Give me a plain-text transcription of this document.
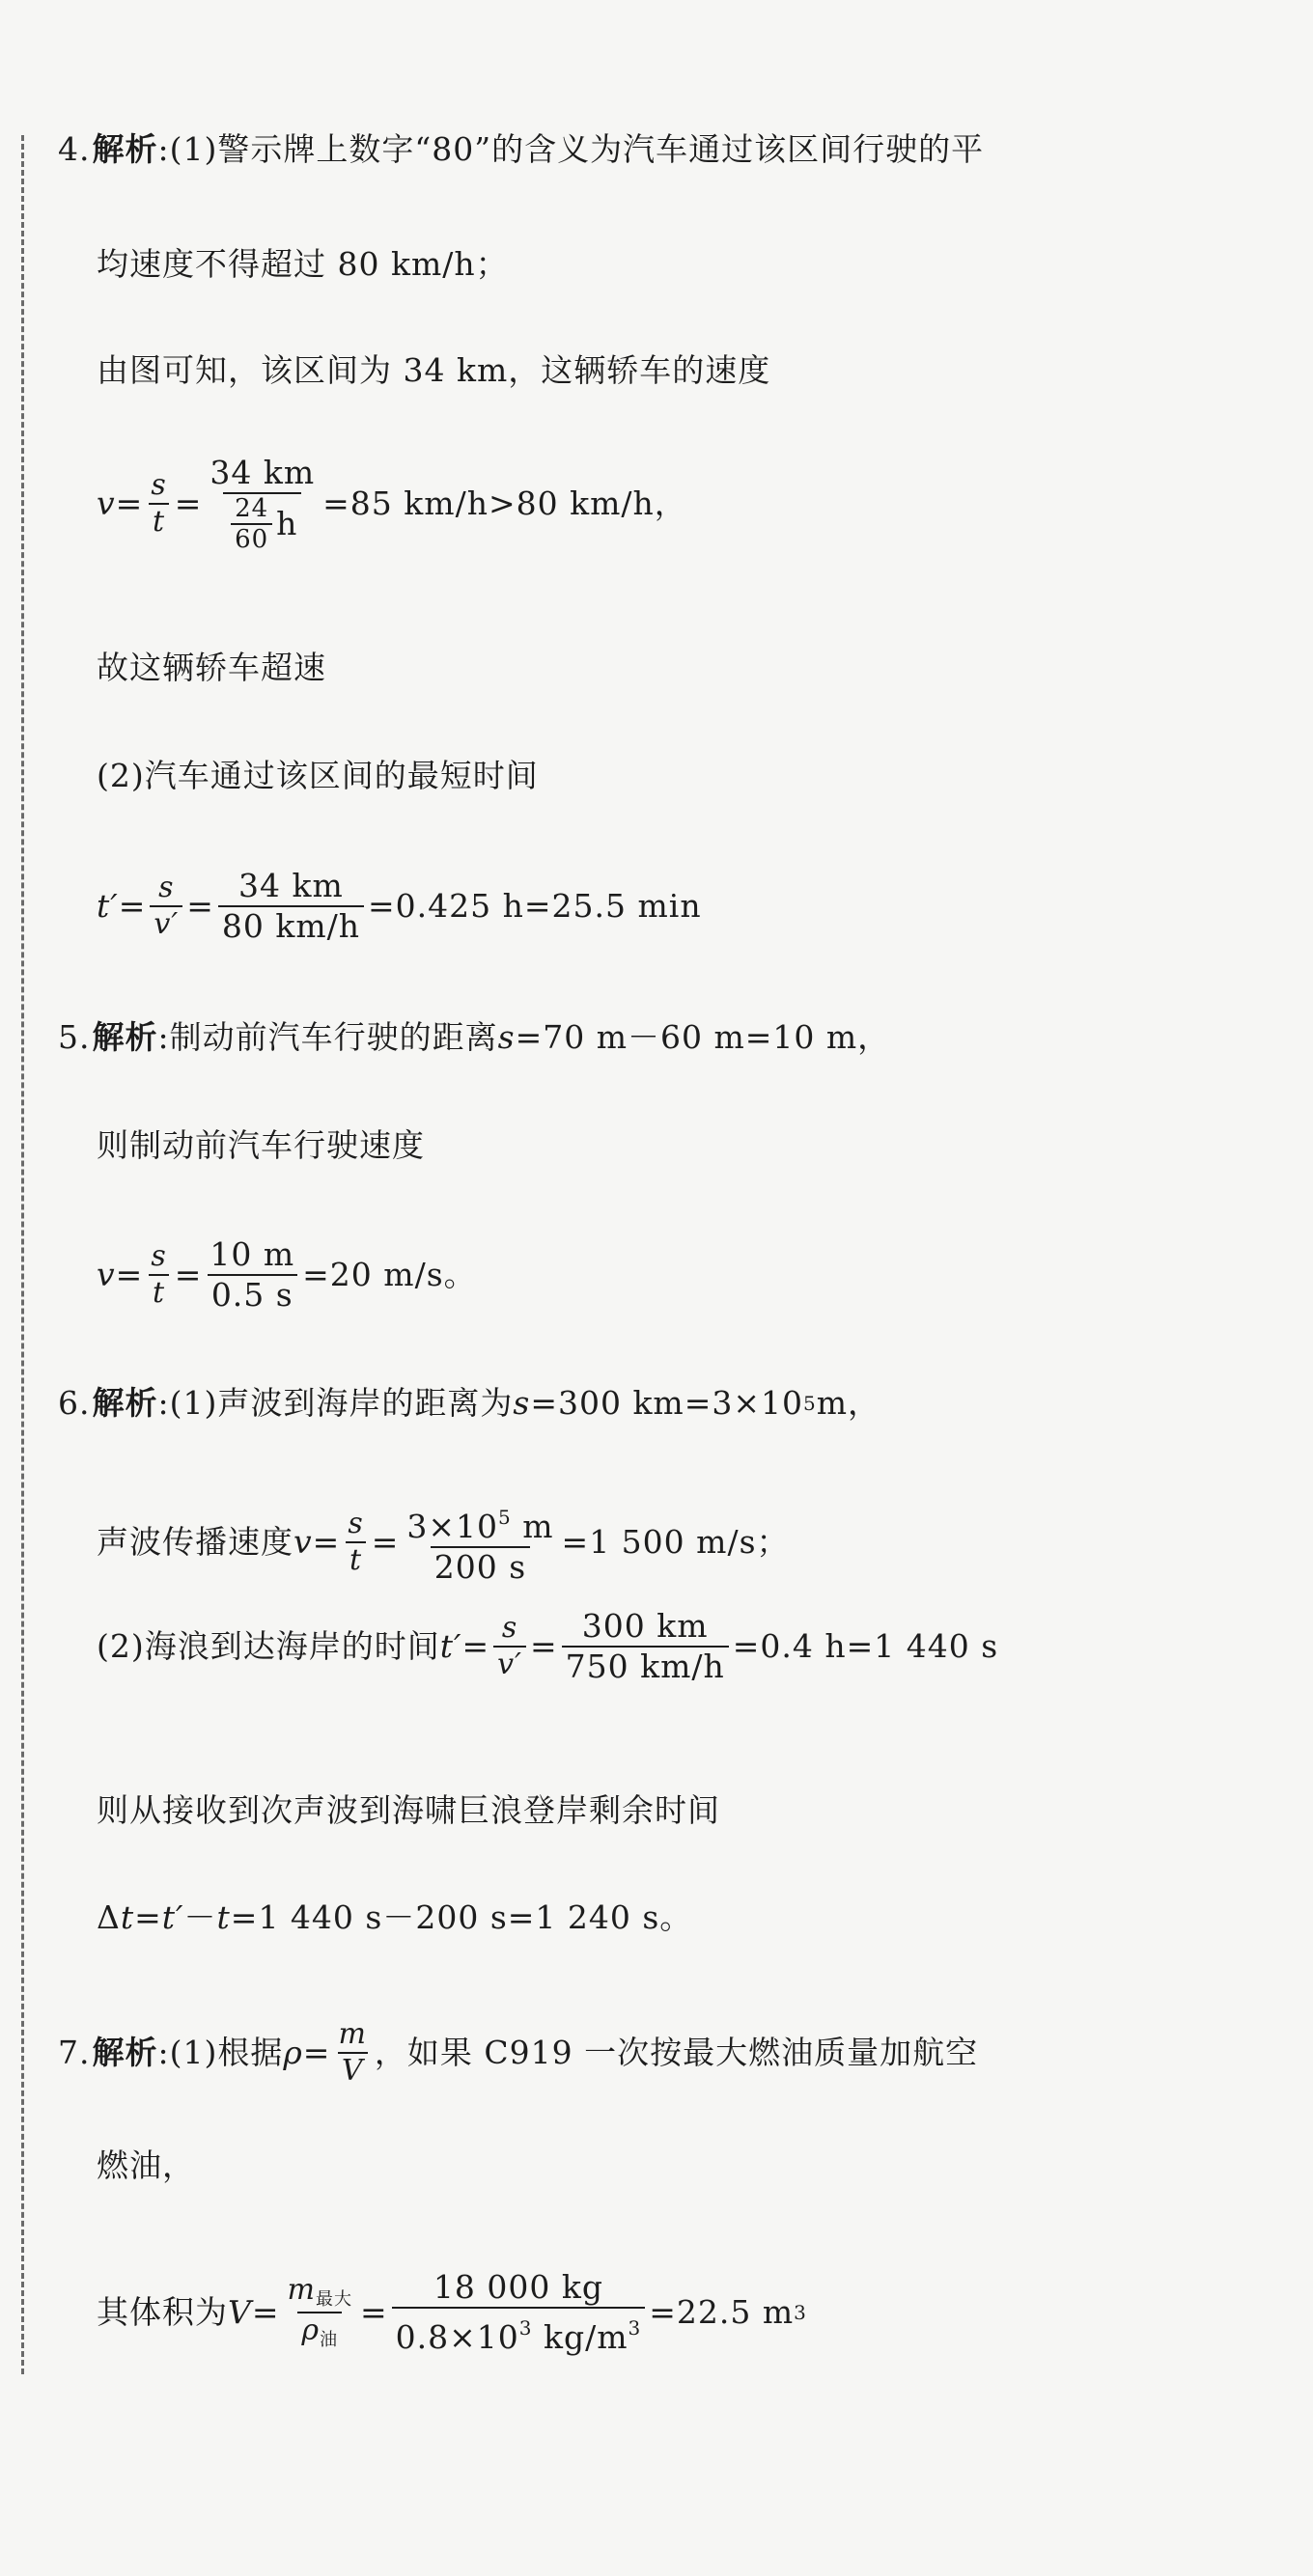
4. 解析 :(1)警示牌上数字“80”的含义为汽车通过该区间行驶的平
均速度不得超过 80 km/h；
由图可知，该区间为 34 km，这辆轿车的速度
$v = \frac{s}{t} = \frac{34 km}{\frac{24}{60} h} =85$ km/h>80 km/h，
故这辆轿车超速
(2)汽车通过该区间的最短时间
$t' = \frac{s}{v'} = \frac{34 km}{80 km/h} =0.425$ h=25.5 min
5. 解析 :制动前汽车行驶的距离 s =70 m－60 m=10 m，
则制动前汽车行驶速度
$v = \frac{s}{t} = \frac{10 m}{0.5 s} =20$ m/s。
6. 解析 :(1)声波到海岸的距离为 s =300 km=3×10 5 m，
声波传播速度 $v = \frac{s}{t} = \frac{3\times 10^5 m}{200 s} =1$ 500 m/s；
(2)海浪到达海岸的时间 $t' = \frac{s}{v'} = \frac{300 km}{750 km/h} =0.4$ h=1 440 s
则从接收到次声波到海啸巨浪登岸剩余时间
Δ t = t′ － t =1 440 s－200 s=1 240 s。
7. 解析 :(1)根据 $\rho = \frac{m}{V}$ ，如果 C919 一次按最大燃油质量加航空
燃油，
其体积为 $V = \frac{m_{最大}}{\rho_油} = \frac{18 000 kg}{0.8\times 10^3 kg/m^3} =22.5$ m 3
